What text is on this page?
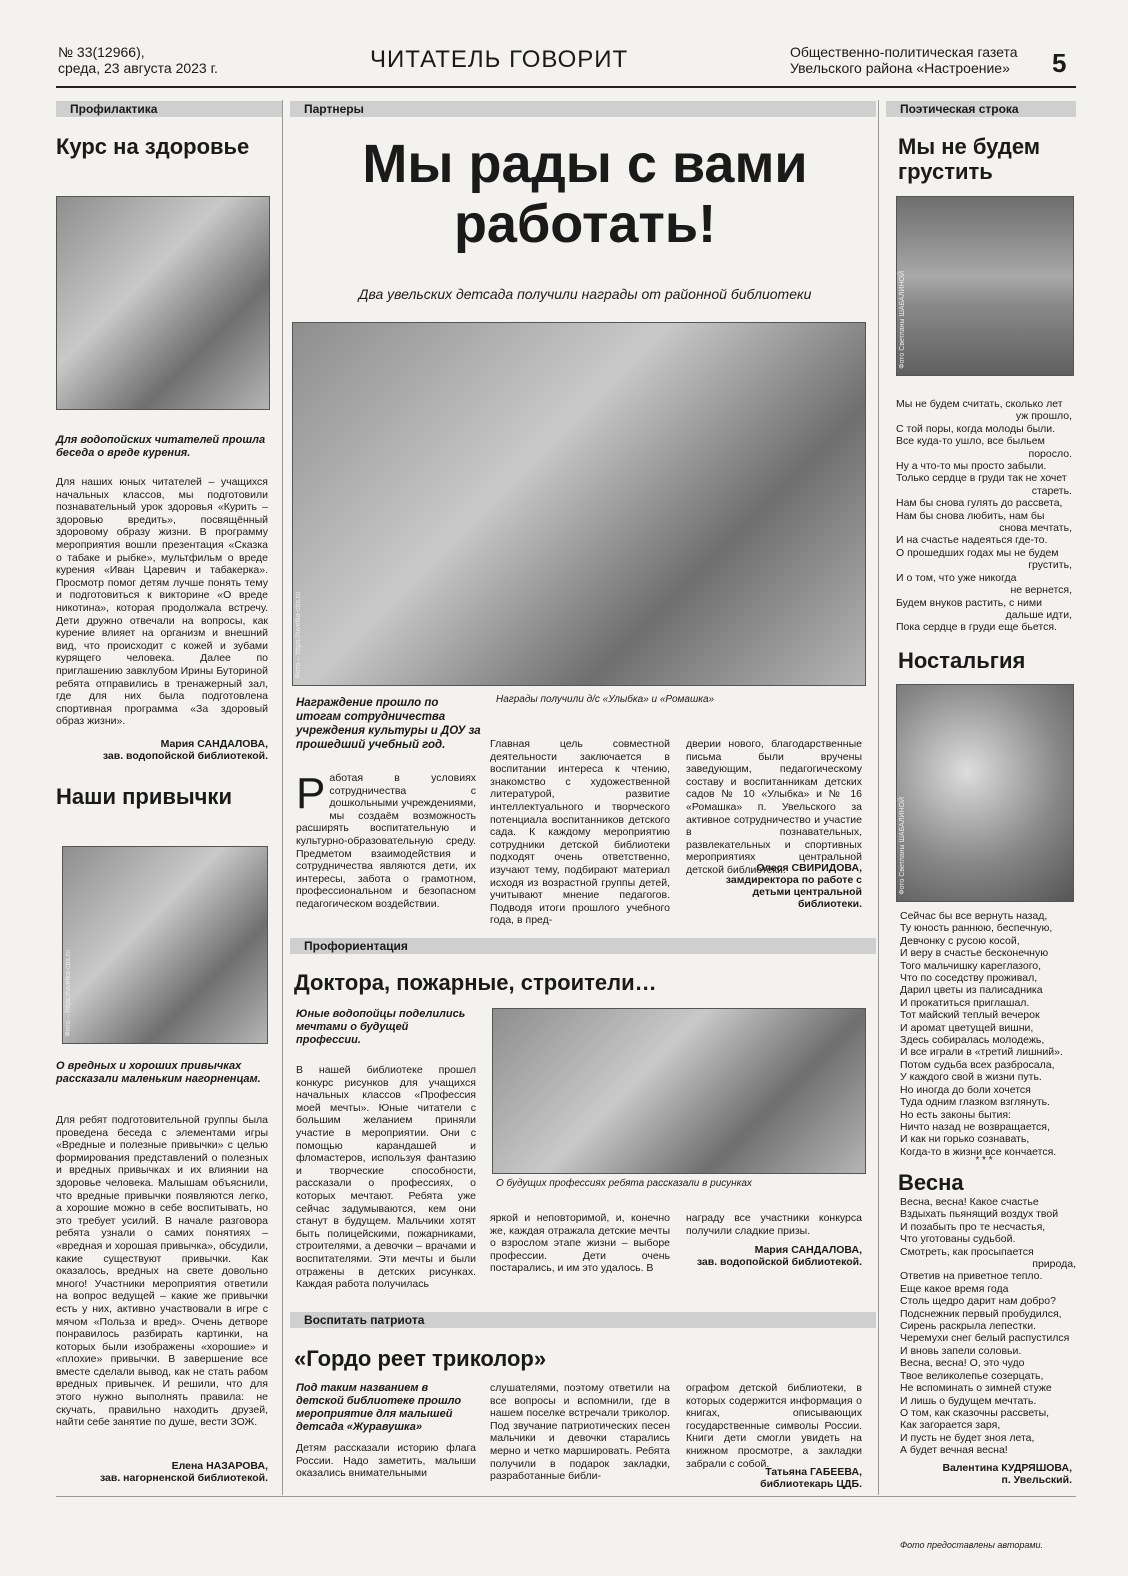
№ 33(12966),
среда, 23 августа 2023 г.	ЧИТАТЕЛЬ ГОВОРИТ	Общественно-политическая газета
Увельского района «Настроение» 5
Профилактика
Курс на здоровье
Для водопойских читателей прошла беседа о вреде курения.
Для наших юных читателей – учащихся начальных классов, мы подготовили познавательный урок здоровья «Курить – здоровью вредить», посвящённый здоровому образу жизни. В программу мероприятия вошли презентация «Сказка о табаке и рыбке», мультфильм о вреде курения «Иван Царевич и табакерка». Просмотр помог детям лучше понять тему и подготовиться к викторине «О вреде никотина», которая продолжала встречу. Дети дружно отвечали на вопросы, как курение влияет на организм и внешний вид, что происходит с кожей и зубами курящего человека. Далее по приглашению завклубом Ирины Буториной ребята отправились в тренажерный зал, где для них была подготовлена спортивная программа «За здоровый образ жизни».
Мария САНДАЛОВА,
зав. водопойской библиотекой.
Наши привычки
Фото – https://uvelka-cbs.ru
О вредных и хороших привычках рассказали маленьким нагорненцам.
Для ребят подготовительной группы была проведена беседа с элементами игры «Вредные и полезные привычки» с целью формирования представлений о полезных и вредных привычках и их влиянии на здоровье человека. Малышам объяснили, что вредные привычки появляются легко, а хорошие можно в себе воспитывать, но это требует усилий. В начале разговора ребята узнали о самих понятиях – «вредная и хорошая привычка», обсудили, какие существуют привычки. Как оказалось, вредных на свете довольно много! Участники мероприятия ответили на вопрос ведущей – какие же привычки есть у них, активно участвовали в игре с мячом «Польза и вред». Очень детворе понравилось разбирать картинки, на которых были изображены «хорошие» и «плохие» привычки. В завершение все вместе сделали вывод, как не стать рабом вредных привычек. И решили, что для этого нужно выполнять правила: не скучать, правильно находить друзей, найти себе занятие по душе, вести ЗОЖ.
Елена НАЗАРОВА,
зав. нагорненской библиотекой.
Партнеры
Мы рады с вами работать!
Два увельских детсада получили награды от районной библиотеки
Фото – https://uvelka-cbs.ru
Награды получили д/с «Улыбка» и «Ромашка»
Награждение прошло по итогам сотрудничества учреждения культуры и ДОУ за прошедший учебный год.
Работая в условиях сотрудничества с дошкольными учреждениями, мы создаём возможность расширять воспитательную и культурно-образовательную среду. Предметом взаимодействия и сотрудничества являются дети, их интересы, забота о грамотном, профессиональном и безопасном педагогическом воздействии.
Главная цель совместной деятельности заключается в воспитании интереса к чтению, знакомство с художественной литературой, развитие интеллектуального и творческого потенциала воспитанников детского сада. К каждому мероприятию сотрудники детской библиотеки подходят очень ответственно, изучают тему, подбирают материал исходя из возрастной группы детей, учитывают мнение педагогов. Подводя итоги прошлого учебного года, в пред-
дверии нового, благодарственные письма были вручены заведующим, педагогическому составу и воспитанникам детских садов № 10 «Улыбка» и № 16 «Ромашка» п. Увельского за активное сотрудничество и участие в познавательных, развлекательных и спортивных мероприятиях центральной детской библиотеки.
Олеся СВИРИДОВА,
замдиректора по работе с детьми центральной библиотеки.
Профориентация
Доктора, пожарные, строители…
Юные водопойцы поделились мечтами о будущей профессии.
О будущих профессиях ребята рассказали в рисунках
В нашей библиотеке прошел конкурс рисунков для учащихся начальных классов «Профессия моей мечты». Юные читатели с большим желанием приняли участие в мероприятии. Они с помощью карандашей и фломастеров, используя фантазию и творческие способности, рассказали о профессиях, о которых мечтают. Ребята уже сейчас задумываются, кем они станут в будущем. Мальчики хотят быть полицейскими, пожарниками, строителями, а девочки – врачами и воспитателями. Эти мечты и были отражены в детских рисунках. Каждая работа получилась
яркой и неповторимой, и, конечно же, каждая отражала детские мечты о взрослом этапе жизни – выборе профессии. Дети очень постарались, и им это удалось. В
награду все участники конкурса получили сладкие призы.
Мария САНДАЛОВА,
зав. водопойской библиотекой.
Воспитать патриота
«Гордо реет триколор»
Под таким названием в детской библиотеке прошло мероприятие для малышей детсада «Журавушка»
Детям рассказали историю флага России. Надо заметить, малыши оказались внимательными
слушателями, поэтому ответили на все вопросы и вспомнили, где в нашем поселке встречали триколор. Под звучание патриотических песен мальчики и девочки старались мерно и четко маршировать. Ребята получили в подарок закладки, разработанные библи-
ографом детской библиотеки, в которых содержится информация о книгах, описывающих государственные символы России. Книги дети смогли увидеть на книжном просмотре, а закладки забрали с собой.
Татьяна ГАБЕЕВА,
библиотекарь ЦДБ.
Поэтическая строка
Мы не будем грустить
Фото Светланы ШАБАЛИНОЙ
Мы не будем считать, сколько лет
уж прошло,
С той поры, когда молоды были.
Все куда-то ушло, все быльем
поросло.
Ну а что-то мы просто забыли.
Только сердце в груди так не хочет
стареть.
Нам бы снова гулять до рассвета,
Нам бы снова любить, нам бы
снова мечтать,
И на счастье надеяться где-то.
О прошедших годах мы не будем
грустить,
И о том, что уже никогда
не вернется,
Будем внуков растить, с ними
дальше идти,
Пока сердце в груди еще бьется.
Ностальгия
Фото Светланы ШАБАЛИНОЙ
Сейчас бы все вернуть назад,
Ту юность раннюю, беспечную,
Девчонку с русою косой,
И веру в счастье бесконечную
Того мальчишку кареглазого,
Что по соседству проживал,
Дарил цветы из палисадника
И прокатиться приглашал.
Тот майский теплый вечерок
И аромат цветущей вишни,
Здесь собиралась молодежь,
И все играли в «третий лишний».
Потом судьба всех разбросала,
У каждого свой в жизни путь.
Но иногда до боли хочется
Туда одним глазком взглянуть.
Но есть законы бытия:
Ничто назад не возвращается,
И как ни горько сознавать,
Когда-то в жизни все кончается.
* * *
Весна
Весна, весна! Какое счастье
Вздыхать пьянящий воздух твой
И позабыть про те несчастья,
Что уготованы судьбой.
Смотреть, как просыпается
природа,
Ответив на приветное тепло.
Еще какое время года
Столь щедро дарит нам добро?
Подснежник первый пробудился,
Сирень раскрыла лепестки.
Черемухи снег белый распустился
И вновь запели соловьи.
Весна, весна! О, это чудо
Твое великолепье созерцать,
Не вспоминать о зимней стуже
И лишь о будущем мечтать.
О том, как сказочны рассветы,
Как загорается заря,
И пусть не будет зноя лета,
А будет вечная весна!
Валентина КУДРЯШОВА,
п. Увельский.
Фото предоставлены авторами.
